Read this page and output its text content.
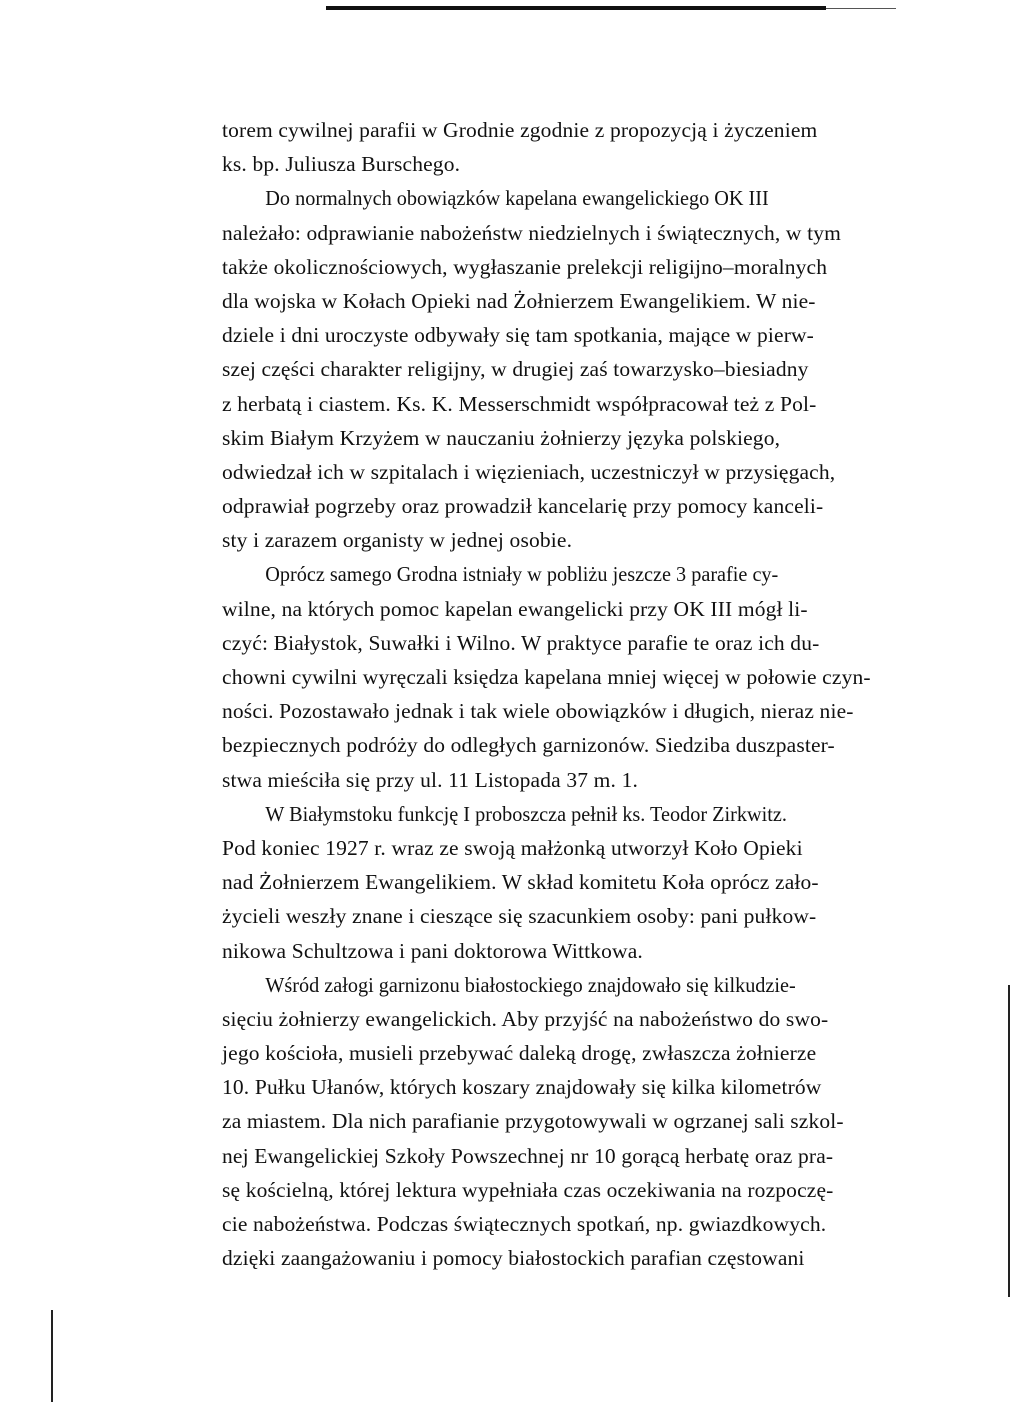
torem cywilnej parafii w Grodnie zgodnie z propozycją i życzeniem
ks. bp. Juliusza Burschego.
Do normalnych obowiązków kapelana ewangelickiego OK III
należało: odprawianie nabożeństw niedzielnych i świątecznych, w tym
także okolicznościowych, wygłaszanie prelekcji religijno–moralnych
dla wojska w Kołach Opieki nad Żołnierzem Ewangelikiem. W nie-
dziele i dni uroczyste odbywały się tam spotkania, mające w pierw-
szej części charakter religijny, w drugiej zaś towarzysko–biesiadny
z herbatą i ciastem. Ks. K. Messerschmidt współpracował też z Pol-
skim Białym Krzyżem w nauczaniu żołnierzy języka polskiego,
odwiedzał ich w szpitalach i więzieniach, uczestniczył w przysięgach,
odprawiał pogrzeby oraz prowadził kancelarię przy pomocy kanceli-
sty i zarazem organisty w jednej osobie.
Oprócz samego Grodna istniały w pobliżu jeszcze 3 parafie cy-
wilne, na których pomoc kapelan ewangelicki przy OK III mógł li-
czyć: Białystok, Suwałki i Wilno. W praktyce parafie te oraz ich du-
chowni cywilni wyręczali księdza kapelana mniej więcej w połowie czyn-
ności. Pozostawało jednak i tak wiele obowiązków i długich, nieraz nie-
bezpiecznych podróży do odległych garnizonów. Siedziba duszpaster-
stwa mieściła się przy ul. 11 Listopada 37 m. 1.
W Białymstoku funkcję I proboszcza pełnił ks. Teodor Zirkwitz.
Pod koniec 1927 r. wraz ze swoją małżonką utworzył Koło Opieki
nad Żołnierzem Ewangelikiem. W skład komitetu Koła oprócz zało-
życieli weszły znane i cieszące się szacunkiem osoby: pani pułkow-
nikowa Schultzowa i pani doktorowa Wittkowa.
Wśród załogi garnizonu białostockiego znajdowało się kilkudzie-
sięciu żołnierzy ewangelickich. Aby przyjść na nabożeństwo do swo-
jego kościoła, musieli przebywać daleką drogę, zwłaszcza żołnierze
10. Pułku Ułanów, których koszary znajdowały się kilka kilometrów
za miastem. Dla nich parafianie przygotowywali w ogrzanej sali szkol-
nej Ewangelickiej Szkoły Powszechnej nr 10 gorącą herbatę oraz pra-
sę kościelną, której lektura wypełniała czas oczekiwania na rozpoczę-
cie nabożeństwa. Podczas świątecznych spotkań, np. gwiazdkowych.
dzięki zaangażowaniu i pomocy białostockich parafian częstowani
